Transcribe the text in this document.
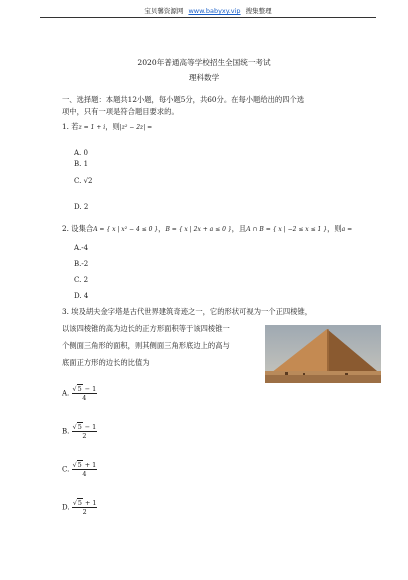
宝贝馨资源网 www.babyxy.vip 搜集整理
2020年普通高等学校招生全国统一考试
理科数学
一、选择题：本题共12小题，每小题5分，共60分。在每小题给出的四个选
项中，只有一项是符合题目要求的。
1. 若z = 1 + i，则|z² − 2z| =
A. 0
B. 1
C. √2
D. 2
2. 设集合A = { x | x² − 4 ≤ 0 }，B = { x | 2x + a ≤ 0 }，且A ∩ B = { x | −2 ≤ x ≤ 1 }，则a =
A.-4
B.-2
C. 2
D. 4
3. 埃及胡夫金字塔是古代世界建筑奇迹之一，它的形状可视为一个正四棱锥，
以该四棱锥的高为边长的正方形面积等于该四棱锥一
个侧面三角形的面积，则其侧面三角形底边上的高与
底面正方形的边长的比值为
A. $\frac{√5 - 1}{4}$
B. $\frac{√5 - 1}{2}$
C. $\frac{√5 + 1}{4}$
D. $\frac{√5 + 1}{2}$
